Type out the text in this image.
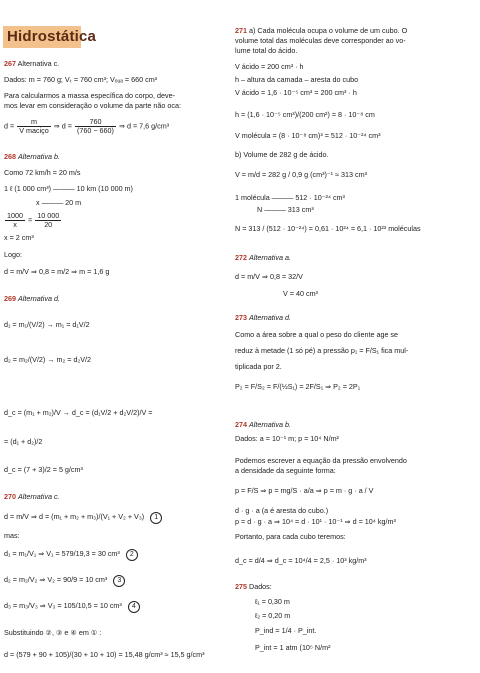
Hidrostática
267 Alternativa c.
Dados: m = 760 g; Vₜ = 760 cm³; Vₒᵤₐ = 660 cm³
Para calcularmos a massa específica do corpo, deve-
mos levar em consideração o volume da parte não oca:
$d = \frac{m}{\text{V maciço}}$ ⇒ $d = \frac{760}{(760 - 660)}$ ⇒ d = 7,6 g/cm³
268 Alternativa b.
Como 72 km/h = 20 m/s
1 ℓ (1 000 cm³) ——— 10 km (10 000 m)
x ——— 20 m
$\frac{1000}{x} = \frac{10 000}{20}$
x = 2 cm³
Logo:
d = m/V ⇒ 0,8 = m/2 ⇒ m = 1,6 g
269 Alternativa d.
d₁ = m₁/(V/2) → m₁ = d₁V/2
d₂ = m₂/(V/2) → m₂ = d₂V/2
d_c = (m₁ + m₂)/V → d_c = (d₁V/2 + d₂V/2)/V =
= (d₁ + d₂)/2
d_c = (7 + 3)/2 = 5 g/cm³
270 Alternativa c.
d = m/V ⇒ d = (m₁ + m₂ + m₃)/(V₁ + V₂ + V₃) 1
mas:
d₁ = m₁/V₁ ⇒ V₁ = 579/19,3 = 30 cm³ 2
d₂ = m₂/V₂ ⇒ V₂ = 90/9 = 10 cm³ 3
d₃ = m₃/V₃ ⇒ V₃ = 105/10,5 = 10 cm³ 4
Substituindo ②, ③ e ④ em ① :
d = (579 + 90 + 105)/(30 + 10 + 10) = 15,48 g/cm³ ≈ 15,5 g/cm³
271 a) Cada molécula ocupa o volume de um cubo. O
volume total das moléculas deve corresponder ao vo-
lume total do ácido.
V ácido = 200 cm³ · h
h – altura da camada – aresta do cubo
V ácido = 1,6 · 10⁻⁵ cm³ = 200 cm³ · h
h = (1,6 · 10⁻⁵ cm³)/(200 cm²) = 8 · 10⁻⁸ cm
V molécula = (8 · 10⁻⁸ cm)³ = 512 · 10⁻²⁴ cm³
b) Volume de 282 g de ácido.
V = m/d = 282 g / 0,9 g (cm³)⁻¹ ≈ 313 cm³
1 molécula ——— 512 · 10⁻²⁴ cm³
N ——— 313 cm³
N = 313 / (512 · 10⁻²⁴) = 0,61 · 10²⁴ = 6,1 · 10²³ moléculas
272 Alternativa a.
d = m/V ⇒ 0,8 = 32/V
V = 40 cm³
273 Alternativa d.
Como a área sobre a qual o peso do cliente age se
reduz à metade (1 só pé) a pressão p₁ = F/S₁ fica mul-
tiplicada por 2.
P₂ = F/S₂ = F/(½S₁) = 2F/S₁ ⇒ P₂ = 2P₁
274 Alternativa b.
Dados: a = 10⁻¹ m; p = 10⁴ N/m²
Podemos escrever a equação da pressão envolvendo
a densidade da seguinte forma:
p = F/S ⇒ p = mg/S · a/a ⇒ p = m · g · a / V
d · g · a (a é aresta do cubo.)
p = d · g · a ⇒ 10⁴ = d · 10¹ · 10⁻¹ ⇒ d = 10⁴ kg/m³
Portanto, para cada cubo teremos:
d_c = d/4 ⇒ d_c = 10⁴/4 = 2,5 · 10³ kg/m³
275 Dados:
ℓ₁ = 0,30 m
ℓ₂ = 0,20 m
P_ind = 1/4 · P_int.
P_int = 1 atm (10⁵ N/m²
